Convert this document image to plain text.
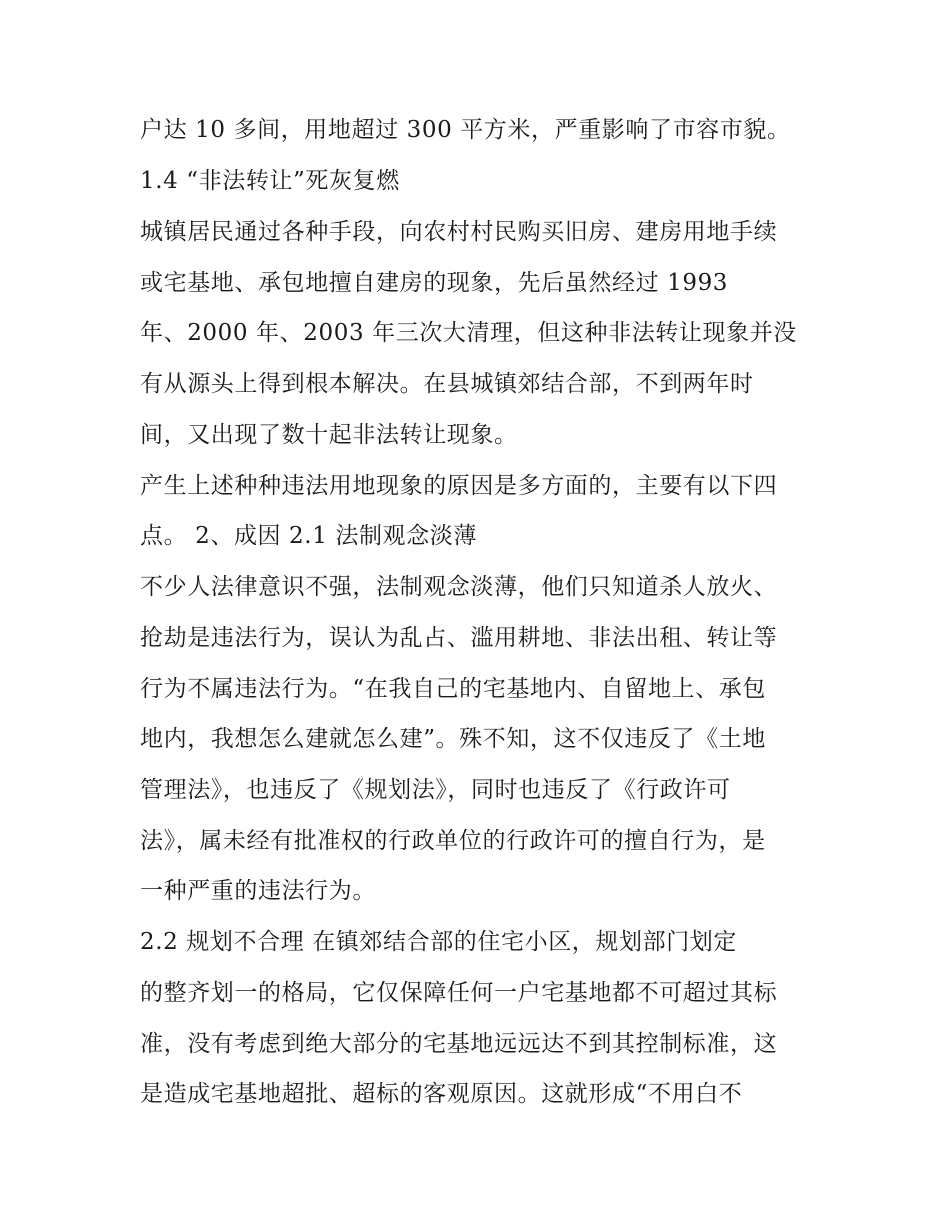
户达 10 多间，用地超过 300 平方米，严重影响了市容市貌。
1.4 “非法转让”死灰复燃
城镇居民通过各种手段，向农村村民购买旧房、建房用地手续
或宅基地、承包地擅自建房的现象，先后虽然经过 1993
年、2000 年、2003 年三次大清理，但这种非法转让现象并没
有从源头上得到根本解决。在县城镇郊结合部，不到两年时
间，又出现了数十起非法转让现象。
产生上述种种违法用地现象的原因是多方面的，主要有以下四
点。 2、成因 2.1 法制观念淡薄
不少人法律意识不强，法制观念淡薄，他们只知道杀人放火、
抢劫是违法行为，误认为乱占、滥用耕地、非法出租、转让等
行为不属违法行为。“在我自己的宅基地内、自留地上、承包
地内，我想怎么建就怎么建”。殊不知，这不仅违反了《土地
管理法》，也违反了《规划法》，同时也违反了《行政许可
法》，属未经有批准权的行政单位的行政许可的擅自行为，是
一种严重的违法行为。
2.2 规划不合理 在镇郊结合部的住宅小区，规划部门划定
的整齐划一的格局，它仅保障任何一户宅基地都不可超过其标
准，没有考虑到绝大部分的宅基地远远达不到其控制标准，这
是造成宅基地超批、超标的客观原因。这就形成“不用白不
